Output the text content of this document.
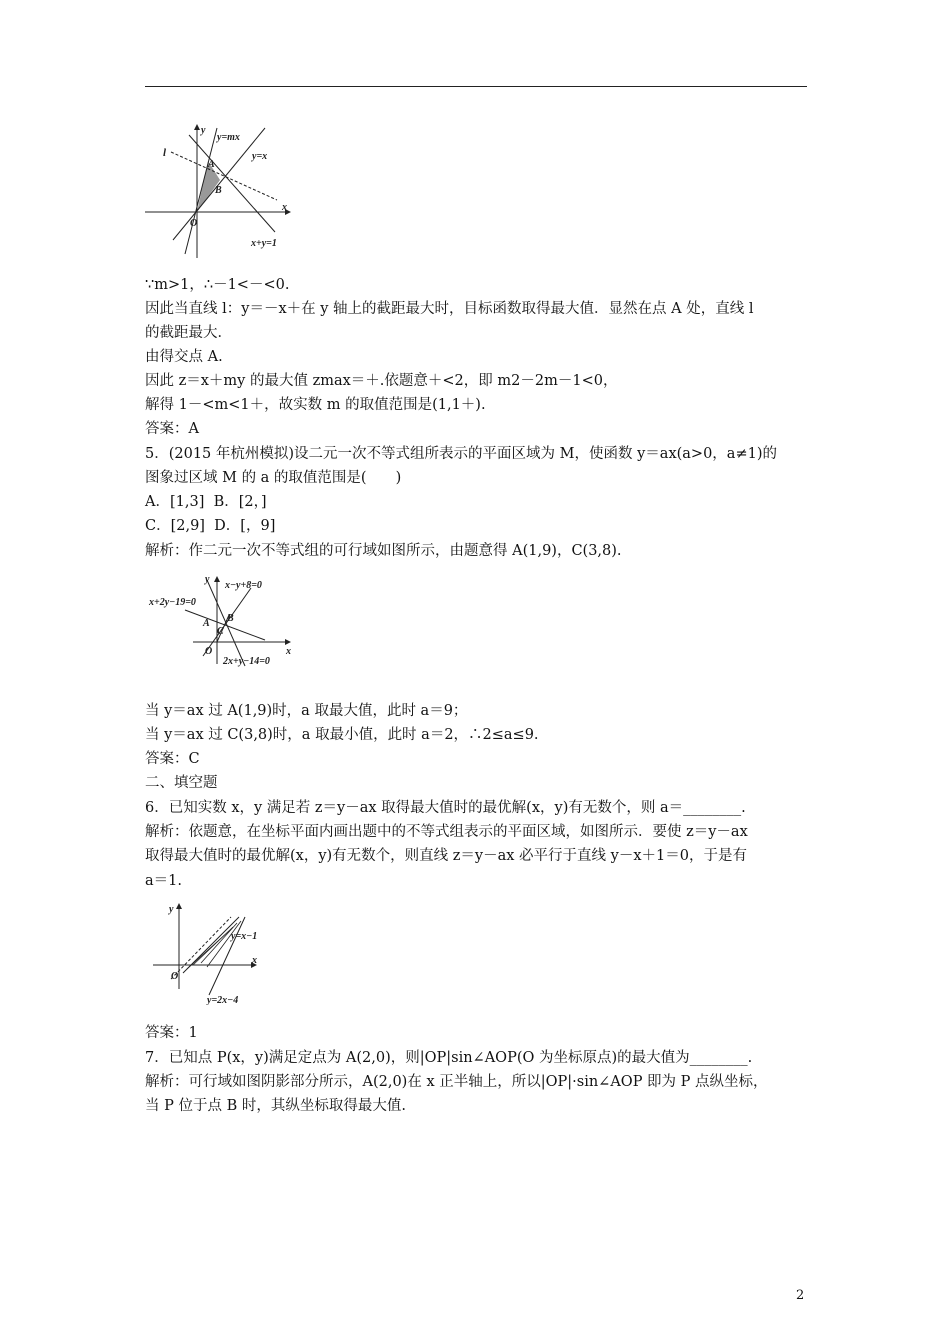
y
x
y=mx
y=x
l
A
B
O
x+y=1
∵m>1，∴－1<－<0.
因此当直线 l：y＝－x＋在 y 轴上的截距最大时，目标函数取得最大值．显然在点 A 处，直线 l
的截距最大．
由得交点 A.
因此 z＝x＋my 的最大值 zmax＝＋.依题意＋<2，即 m2－2m－1<0，
解得 1－<m<1＋，故实数 m 的取值范围是(1,1＋).
答案：A
5．(2015 年杭州模拟)设二元一次不等式组所表示的平面区域为 M，使函数 y＝ax(a>0，a≠1)的
图象过区域 M 的 a 的取值范围是(　　)
A．[1,3]  B．[2，]
C．[2,9]  D．[，9]
解析：作二元一次不等式组的可行域如图所示，由题意得 A(1,9)，C(3,8).
y
x
x−y+8=0
x+2y−19=0
2x+y−14=0
A B
C
O
当 y＝ax 过 A(1,9)时，a 取最大值，此时 a＝9；
当 y＝ax 过 C(3,8)时，a 取最小值，此时 a＝2，∴2≤a≤9.
答案：C
二、填空题
6．已知实数 x，y 满足若 z＝y－ax 取得最大值时的最优解(x，y)有无数个，则 a＝________.
解析：依题意，在坐标平面内画出题中的不等式组表示的平面区域，如图所示．要使 z＝y－ax
取得最大值时的最优解(x，y)有无数个，则直线 z＝y－ax 必平行于直线 y－x＋1＝0，于是有
a＝1.
y
x
O
y=x−1
y=2x−4
答案：1
7．已知点 P(x，y)满足定点为 A(2,0)，则|OP|sin∠AOP(O 为坐标原点)的最大值为________.
解析：可行域如图阴影部分所示，A(2,0)在 x 正半轴上，所以|OP|·sin∠AOP 即为 P 点纵坐标，
当 P 位于点 B 时，其纵坐标取得最大值.
2
